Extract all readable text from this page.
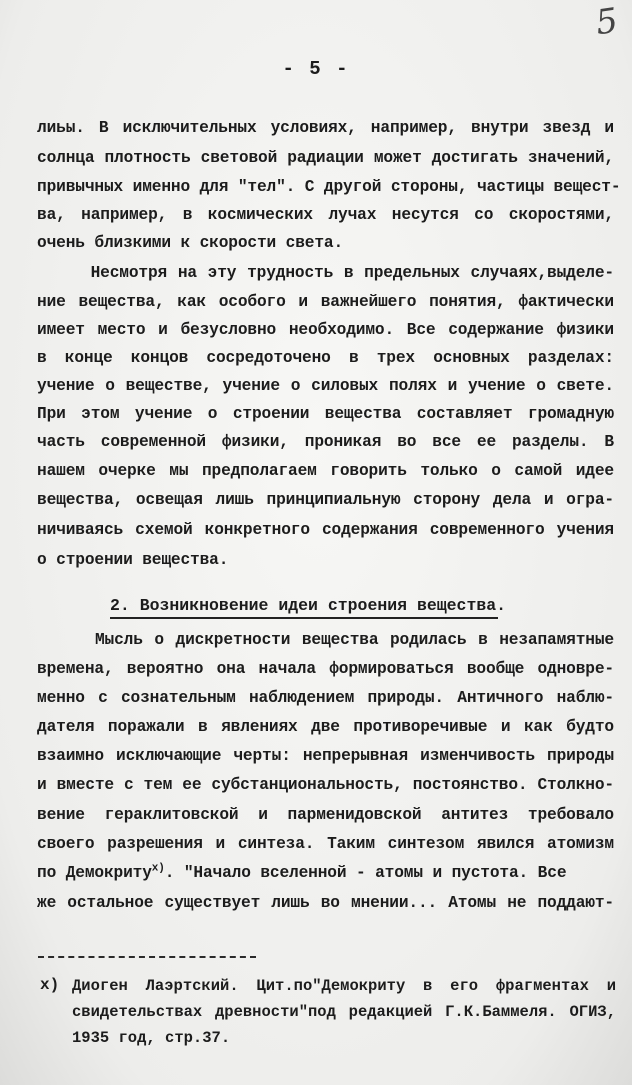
5
- 5 -
лиьы. В исключительных условиях, например, внутри звезд и
солнца плотность световой радиации может достигать значений,
привычных именно для "тел". С другой стороны, частицы вещест-
ва, например, в космических лучах несутся со скоростями,
очень близкими к скорости света.
Несмотря на эту трудность в предельных случаях,выделе-
ние вещества, как особого и важнейшего понятия, фактически
имеет место и безусловно необходимо. Все содержание физики
в конце концов сосредоточено в трех основных разделах:
учение о веществе, учение о силовых полях и учение о свете.
При этом учение о строении вещества составляет громадную
часть современной физики, проникая во все ее разделы. В
нашем очерке мы предполагаем говорить только о самой идее
вещества, освещая лишь принципиальную сторону дела и огра-
ничиваясь схемой конкретного содержания современного учения
о строении вещества.
2. Возникновение идеи строения вещества.
Мысль о дискретности вещества родилась в незапамятные
времена, вероятно она начала формироваться вообще одновре-
менно с сознательным наблюдением природы. Античного наблю-
дателя поражали в явлениях две противоречивые и как будто
взаимно исключающие черты: непрерывная изменчивость природы
и вместе с тем ее субстанциональность, постоянство. Столкно-
вение гераклитовской и парменидовской антитез требовало
своего разрешения и синтеза. Таким синтезом явился атомизм
по Демокриту$^{х)}$. "Начало вселенной - атомы и пустота. Все
же остальное существует лишь во мнении... Атомы не поддают-
х) Диоген Лаэртский. Цит.по"Демокриту в его фрагментах и
свидетельствах древности"под редакцией Г.К.Баммеля. ОГИЗ,
1935 год, стр.37.
